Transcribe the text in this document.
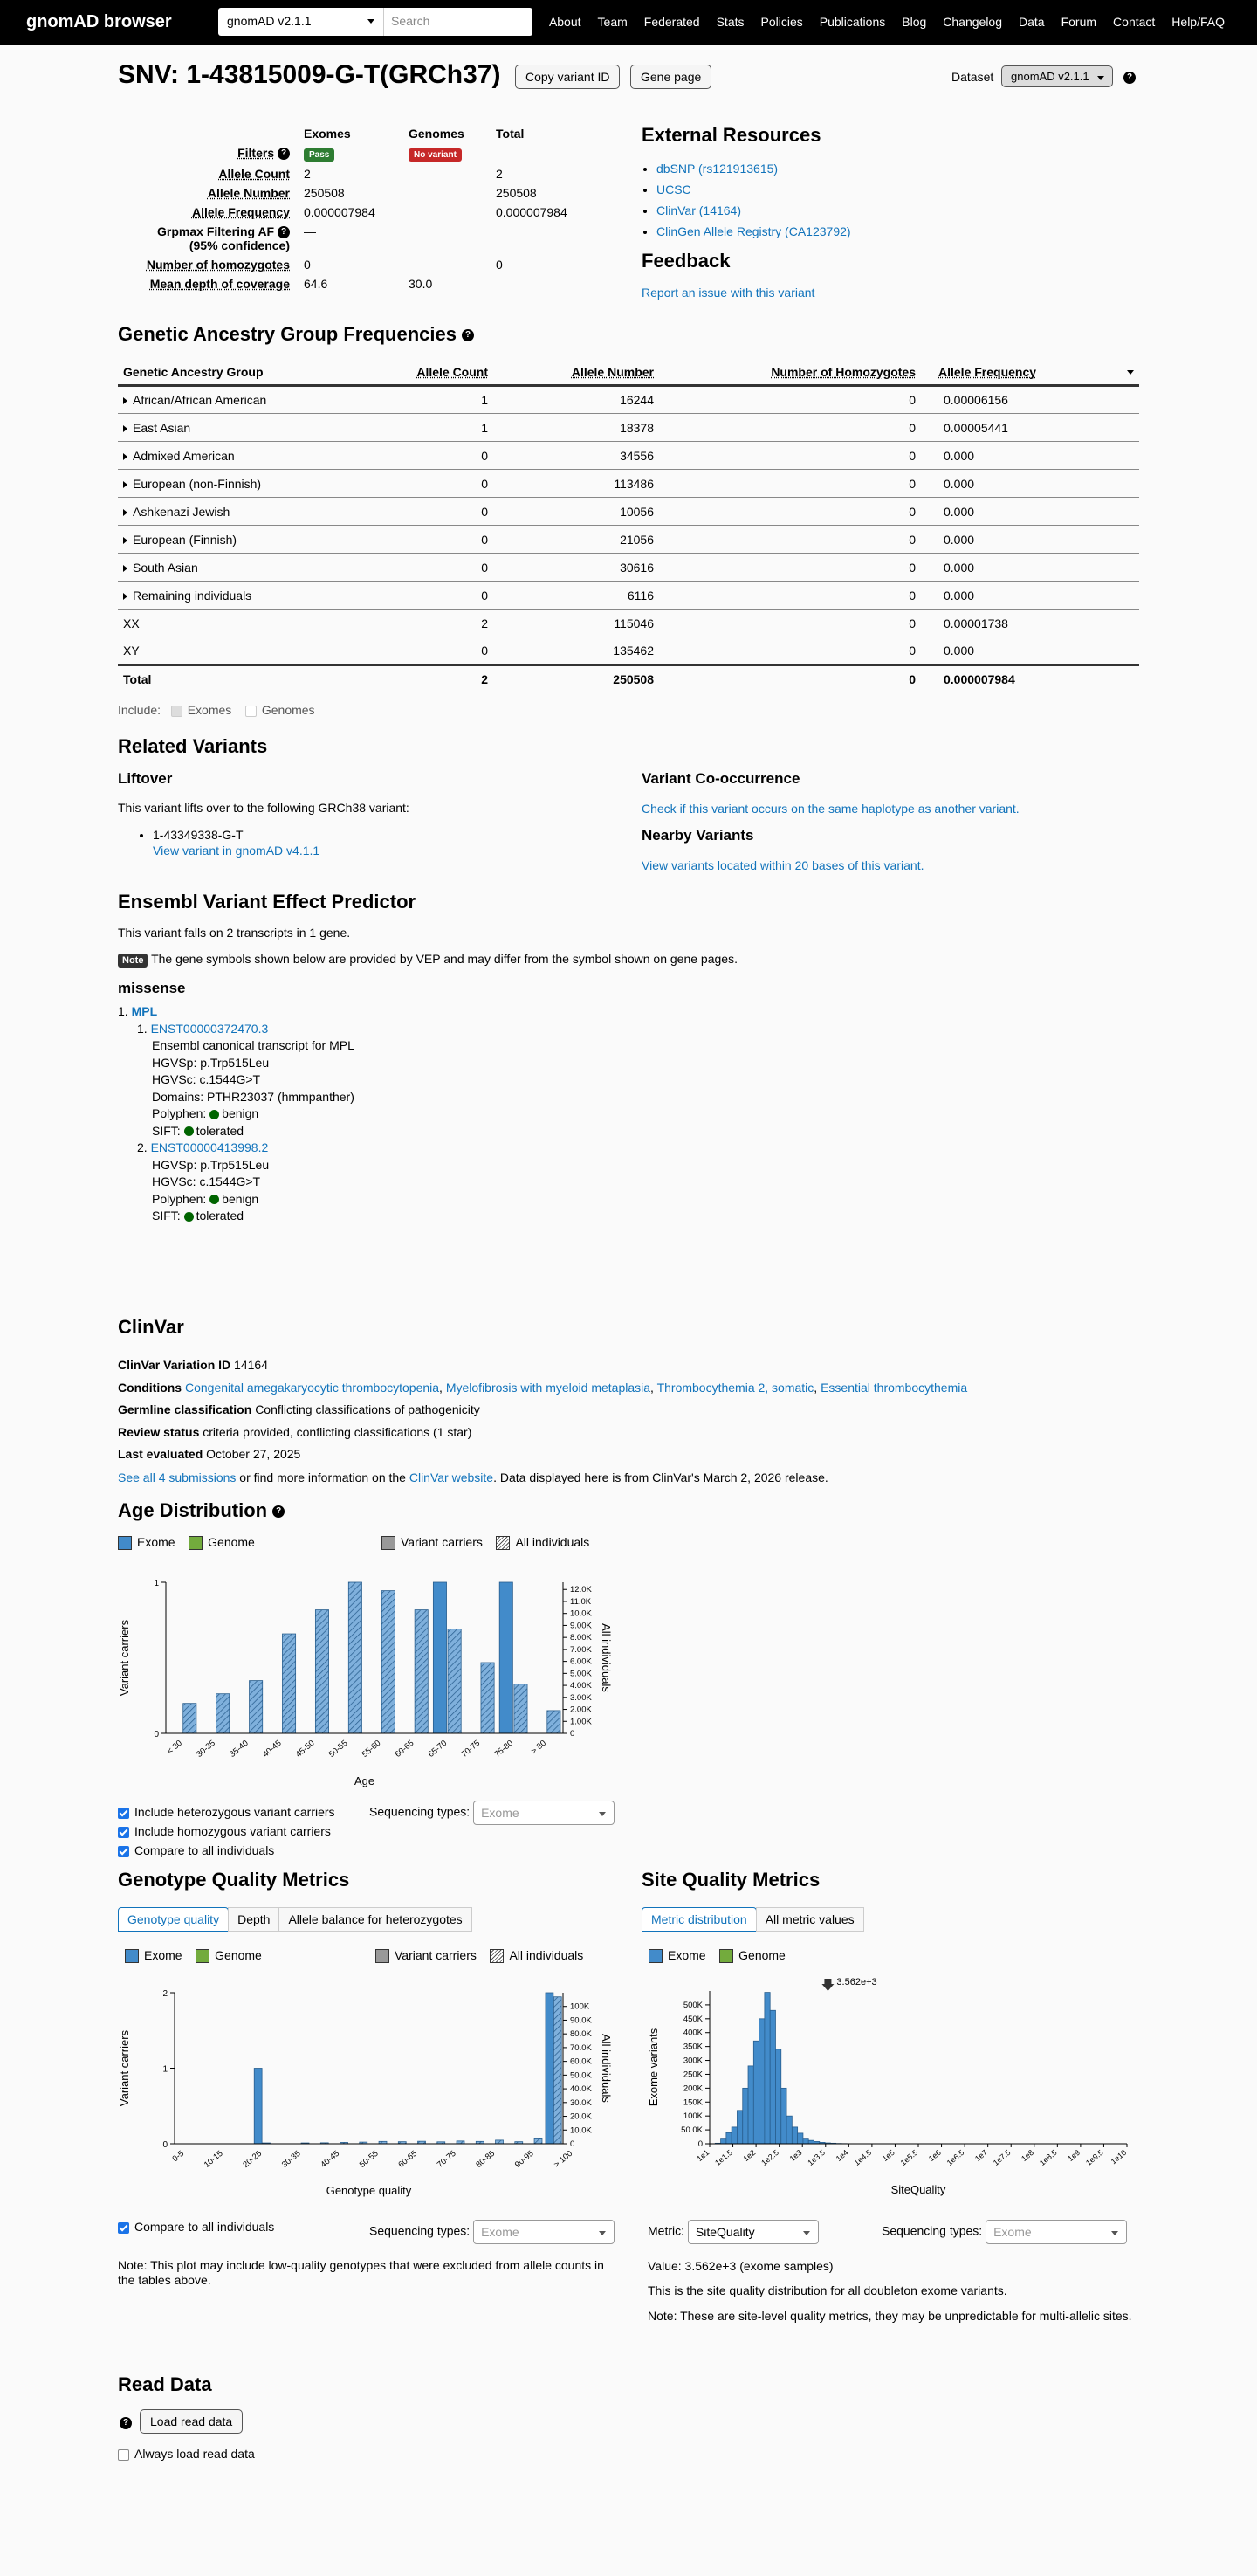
gnomAD browser	gnomAD v2.1.1	Search	About Team Federated Stats Policies Publications Blog Changelog Data Forum Contact Help/FAQ
SNV: 1-43815009-G-T(GRCh37)	Copy variant ID	Gene page	Dataset	gnomAD v2.1.1	?
	Exomes	Genomes	Total
Filters ?	Pass	No variant	
Allele Count	2		2
Allele Number	250508		250508
Allele Frequency	0.000007984		0.000007984
Grpmax Filtering AF ?
(95% confidence)	—		
Number of homozygotes	0		0
Mean depth of coverage	64.6	30.0	
External Resources
• dbSNP (rs121913615)
• UCSC
• ClinVar (14164)
• ClinGen Allele Registry (CA123792)
Feedback
Report an issue with this variant
Genetic Ancestry Group Frequencies ?
Genetic Ancestry Group	Allele Count	Allele Number	Number of Homozygotes	Allele Frequency

African/African American	1	16244	0	0.00006156
East Asian	1	18378	0	0.00005441
Admixed American	0	34556	0	0.000
European (non-Finnish)	0	113486	0	0.000
Ashkenazi Jewish	0	10056	0	0.000
European (Finnish)	0	21056	0	0.000
South Asian	0	30616	0	0.000
Remaining individuals	0	6116	0	0.000
XX	2	115046	0	0.00001738
XY	0	135462	0	0.000
Total	2	250508	0	0.000007984
Include: Exomes Genomes
Related Variants
Liftover
This variant lifts over to the following GRCh38 variant:
• 1-43349338-G-T
View variant in gnomAD v4.1.1
Variant Co-occurrence
Check if this variant occurs on the same haplotype as another variant.
Nearby Variants
View variants located within 20 bases of this variant.
Ensembl Variant Effect Predictor
This variant falls on 2 transcripts in 1 gene.
Note The gene symbols shown below are provided by VEP and may differ from the symbol shown on gene pages.
missense
1. MPL
1. ENST00000372470.3
Ensembl canonical transcript for MPL
HGVSp: p.Trp515Leu
HGVSc: c.1544G>T
Domains: PTHR23037 (hmmpanther)
Polyphen: benign
SIFT: tolerated
2. ENST00000413998.2
HGVSp: p.Trp515Leu
HGVSc: c.1544G>T
Polyphen: benign
SIFT: tolerated
ClinVar
ClinVar Variation ID 14164
Conditions Congenital amegakaryocytic thrombocytopenia, Myelofibrosis with myeloid metaplasia, Thrombocythemia 2, somatic, Essential thrombocythemia
Germline classification Conflicting classifications of pathogenicity
Review status criteria provided, conflicting classifications (1 star)
Last evaluated October 27, 2025
See all 4 submissions or find more information on the ClinVar website. Data displayed here is from ClinVar's March 2, 2026 release.
Age Distribution ?
Exome	Genome	Variant carriers	All individuals
0
1
0
1.00K
2.00K
3.00K
4.00K
5.00K
6.00K
7.00K
8.00K
9.00K
10.0K
11.0K
12.0K
< 30 30-35 35-40 40-45 45-50 50-55 55-60 60-65 65-70 70-75 75-80 > 80
Age
Variant carriers	All individuals
Include heterozygous variant carriers
Include homozygous variant carriers
Compare to all individuals
Sequencing types: Exome
Genotype Quality Metrics
Genotype quality	Depth	Allele balance for heterozygotes
Exome	Genome	Variant carriers	All individuals
0
1
2
0
10.0K
20.0K
30.0K
40.0K
50.0K
60.0K
70.0K
80.0K
90.0K
100K
0-5 10-15 20-25 30-35 40-45 50-55 60-65 70-75 80-85 90-95 > 100
Genotype quality
Variant carriers	All individuals
Compare to all individuals	Sequencing types: Exome
Note: This plot may include low-quality genotypes that were excluded from allele counts in the tables above.
Site Quality Metrics
Metric distribution	All metric values
Exome	Genome
0
50.0K
100K
150K
200K
250K
300K
350K
400K
450K
500K
1e1 1e1.5 1e2 1e2.5 1e3 1e3.5 1e4 1e4.5 1e5 1e5.5 1e6 1e6.5 1e7 1e7.5 1e8 1e8.5 1e9 1e9.5 1e10
SiteQuality
Exome variants
3.562e+3
Metric: SiteQuality	Sequencing types: Exome
Value: 3.562e+3 (exome samples)
This is the site quality distribution for all doubleton exome variants.
Note: These are site-level quality metrics, they may be unpredictable for multi-allelic sites.
Read Data
?	Load read data
Always load read data
